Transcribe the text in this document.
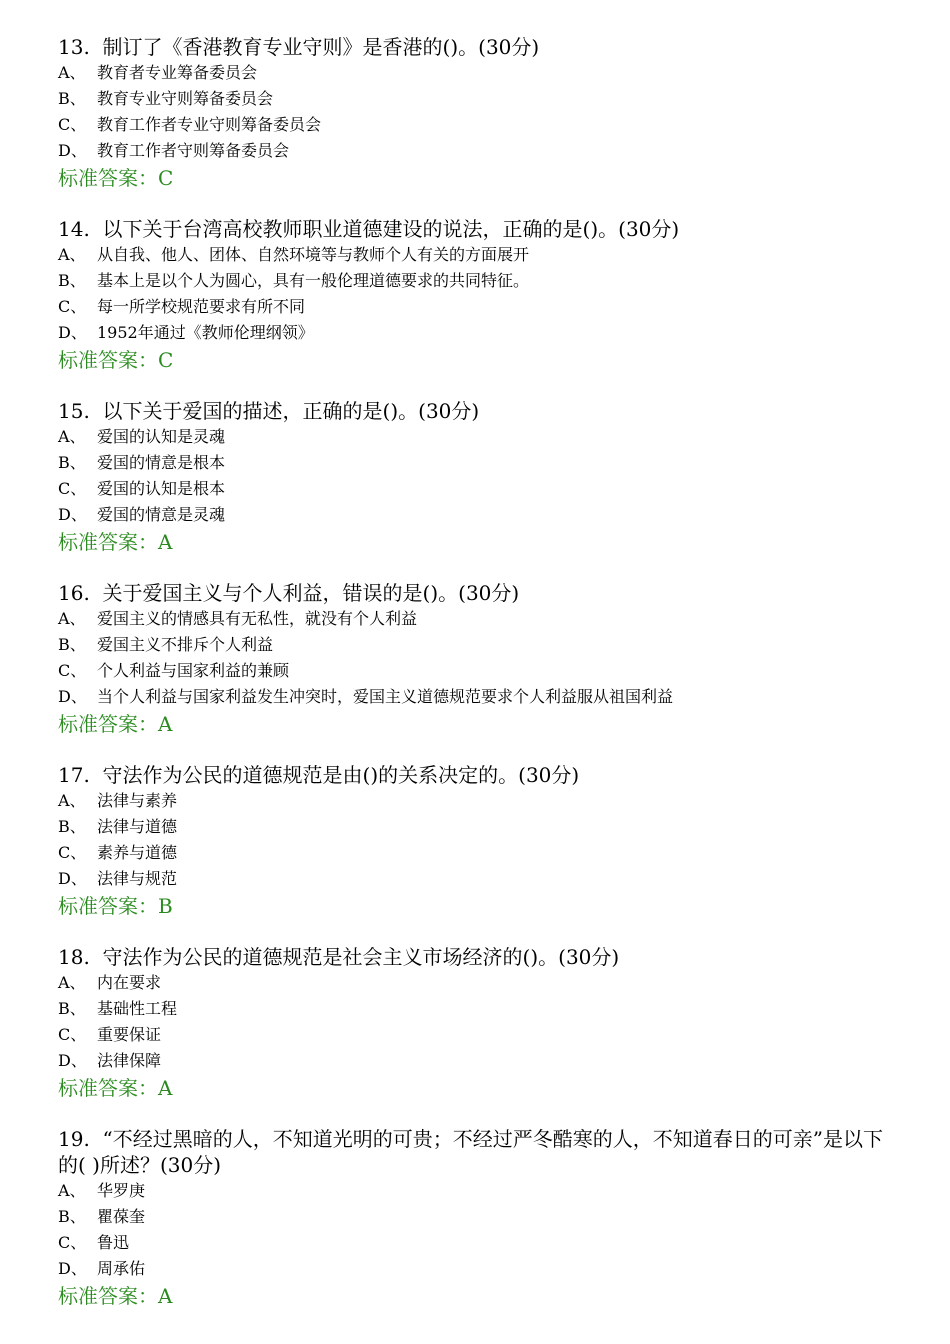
13. 制订了《香港教育专业守则》是香港的()。(30分)

A、 教育者专业筹备委员会
B、 教育专业守则筹备委员会
C、 教育工作者专业守则筹备委员会
D、 教育工作者守则筹备委员会
标准答案：C

14. 以下关于台湾高校教师职业道德建设的说法，正确的是()。(30分)

A、 从自我、他人、团体、自然环境等与教师个人有关的方面展开
B、 基本上是以个人为圆心，具有一般伦理道德要求的共同特征。
C、 每一所学校规范要求有所不同
D、 1952年通过《教师伦理纲领》
标准答案：C

15. 以下关于爱国的描述，正确的是()。(30分)

A、 爱国的认知是灵魂
B、 爱国的情意是根本
C、 爱国的认知是根本
D、 爱国的情意是灵魂
标准答案：A

16. 关于爱国主义与个人利益，错误的是()。(30分)

A、 爱国主义的情感具有无私性，就没有个人利益
B、 爱国主义不排斥个人利益
C、 个人利益与国家利益的兼顾
D、 当个人利益与国家利益发生冲突时，爱国主义道德规范要求个人利益服从祖国利益
标准答案：A

17. 守法作为公民的道德规范是由()的关系决定的。(30分)

A、 法律与素养
B、 法律与道德
C、 素养与道德
D、 法律与规范
标准答案：B

18. 守法作为公民的道德规范是社会主义市场经济的()。(30分)

A、 内在要求
B、 基础性工程
C、 重要保证
D、 法律保障
标准答案：A

19. “不经过黑暗的人，不知道光明的可贵；不经过严冬酷寒的人，不知道春日的可亲”是以下的( )所述？(30分)

A、 华罗庚
B、 瞿葆奎
C、 鲁迅
D、 周承佑
标准答案：A
